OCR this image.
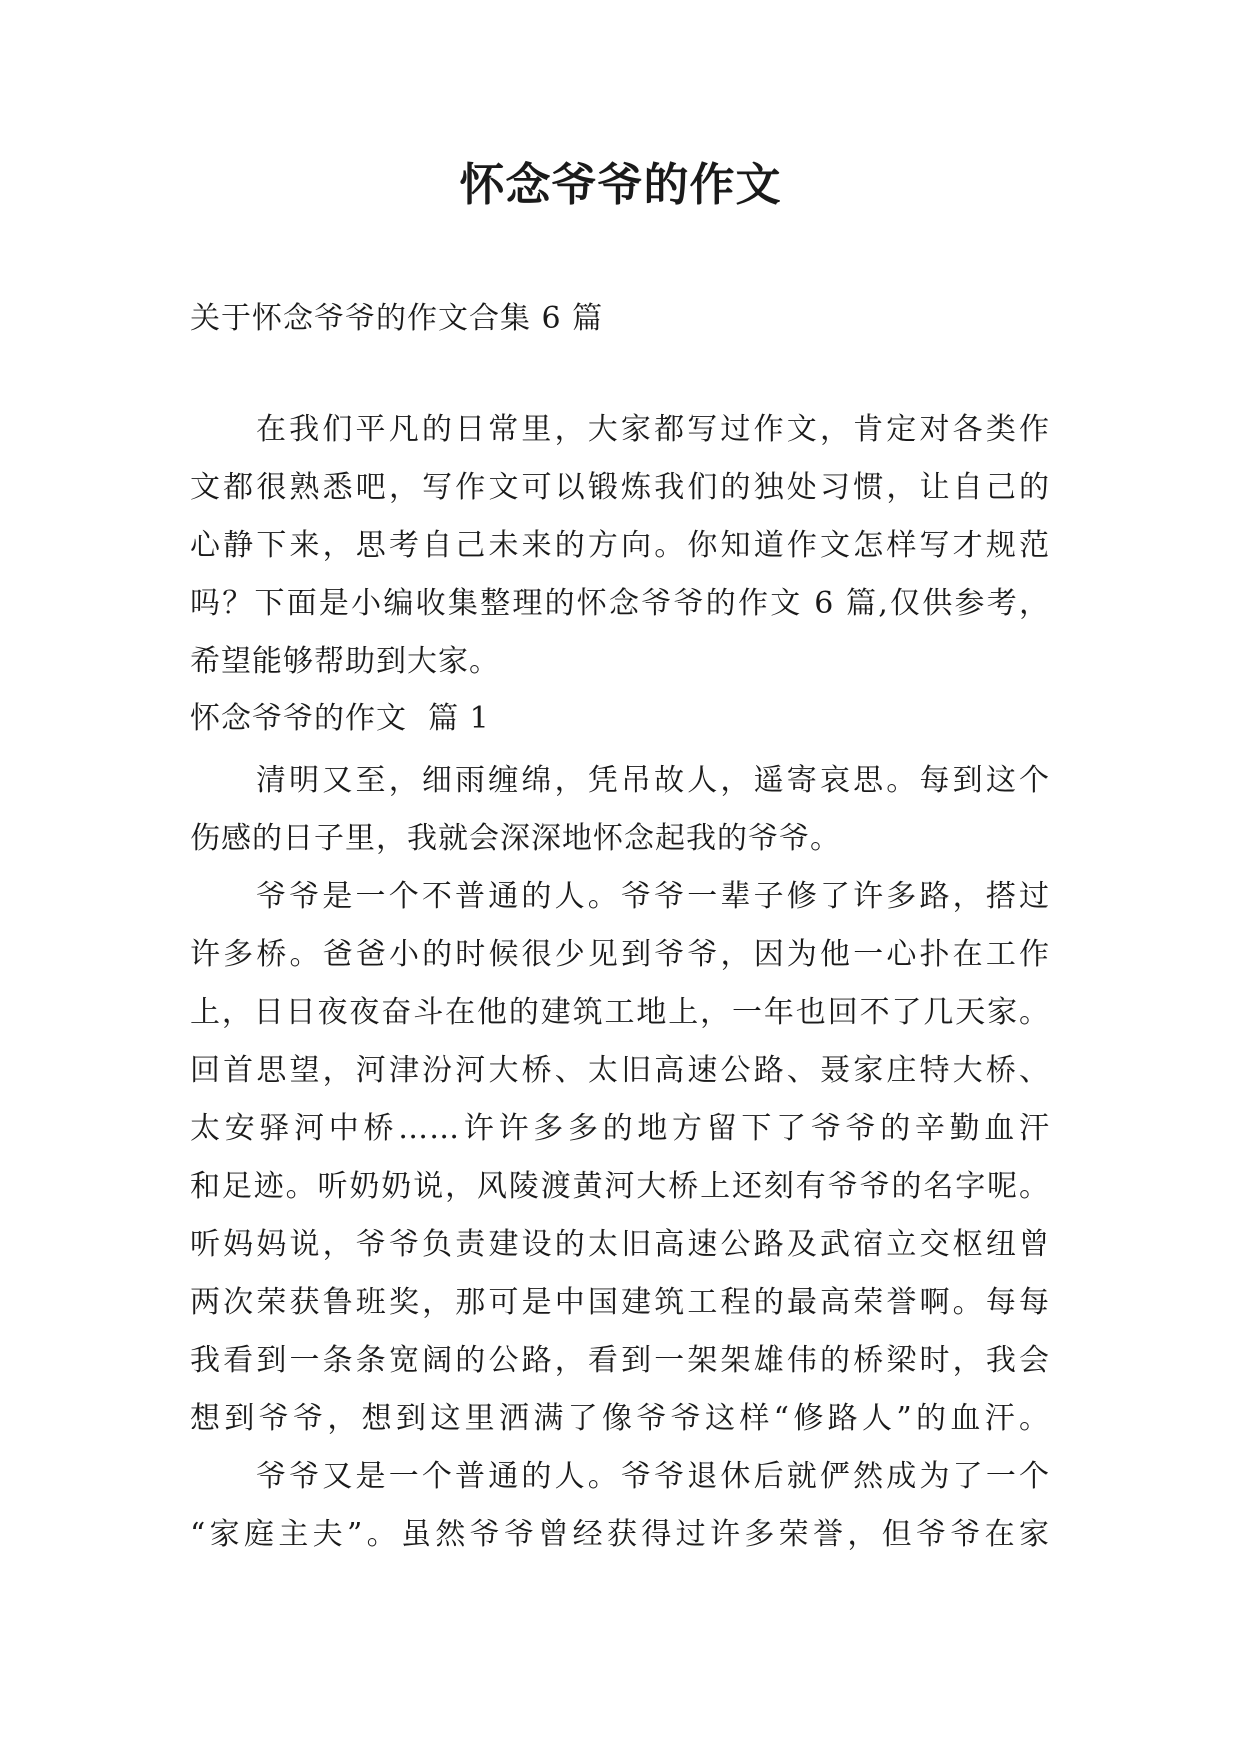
怀念爷爷的作文

关于怀念爷爷的作文合集 6 篇

在我们平凡的日常里，大家都写过作文，肯定对各类作
文都很熟悉吧，写作文可以锻炼我们的独处习惯，让自己的
心静下来，思考自己未来的方向。你知道作文怎样写才规范
吗？下面是小编收集整理的怀念爷爷的作文 6 篇,仅供参考，
希望能够帮助到大家。

怀念爷爷的作文  篇 1

清明又至，细雨缠绵，凭吊故人，遥寄哀思。每到这个
伤感的日子里，我就会深深地怀念起我的爷爷。

爷爷是一个不普通的人。爷爷一辈子修了许多路，搭过
许多桥。爸爸小的时候很少见到爷爷，因为他一心扑在工作
上，日日夜夜奋斗在他的建筑工地上，一年也回不了几天家。
回首思望，河津汾河大桥、太旧高速公路、聂家庄特大桥、
太安驿河中桥……许许多多的地方留下了爷爷的辛勤血汗
和足迹。听奶奶说，风陵渡黄河大桥上还刻有爷爷的名字呢。
听妈妈说，爷爷负责建设的太旧高速公路及武宿立交枢纽曾
两次荣获鲁班奖，那可是中国建筑工程的最高荣誉啊。每每
我看到一条条宽阔的公路，看到一架架雄伟的桥梁时，我会
想到爷爷，想到这里洒满了像爷爷这样“修路人”的血汗。

爷爷又是一个普通的人。爷爷退休后就俨然成为了一个
“家庭主夫”。虽然爷爷曾经获得过许多荣誉，但爷爷在家
